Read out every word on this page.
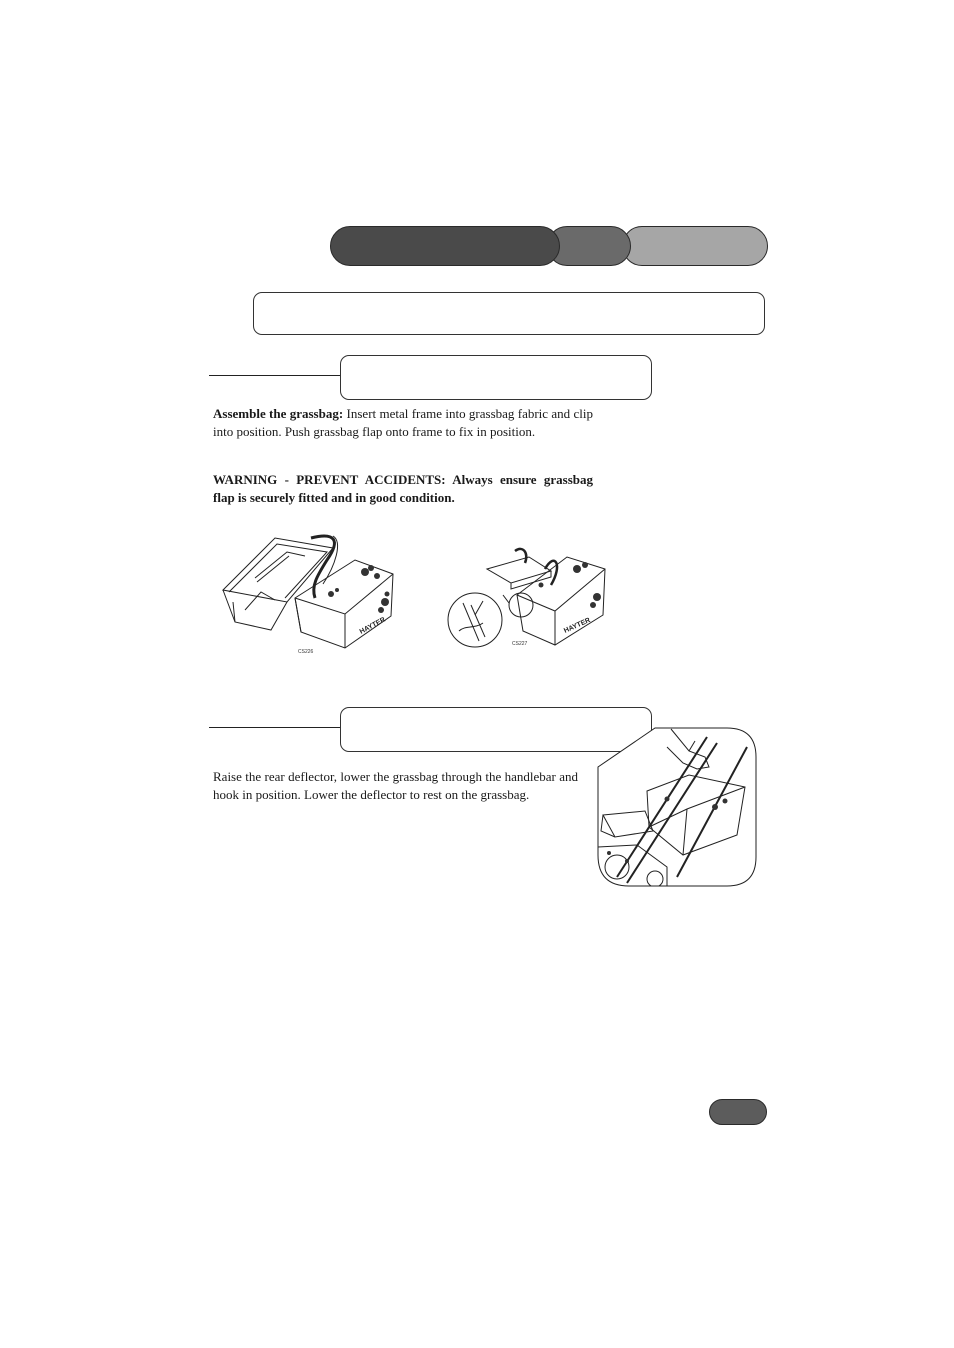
Assemble the grassbag: Insert metal frame into grassbag fabric and clip into position. Push grassbag flap onto frame to fix in position.
WARNING - PREVENT ACCIDENTS: Always ensure grassbag flap is securely fitted and in good condition.
HAYTER
CS226
HAYTER
CS227
Raise the rear deflector, lower the grassbag through the handlebar and hook in position. Lower the deflector to rest on the grassbag.
